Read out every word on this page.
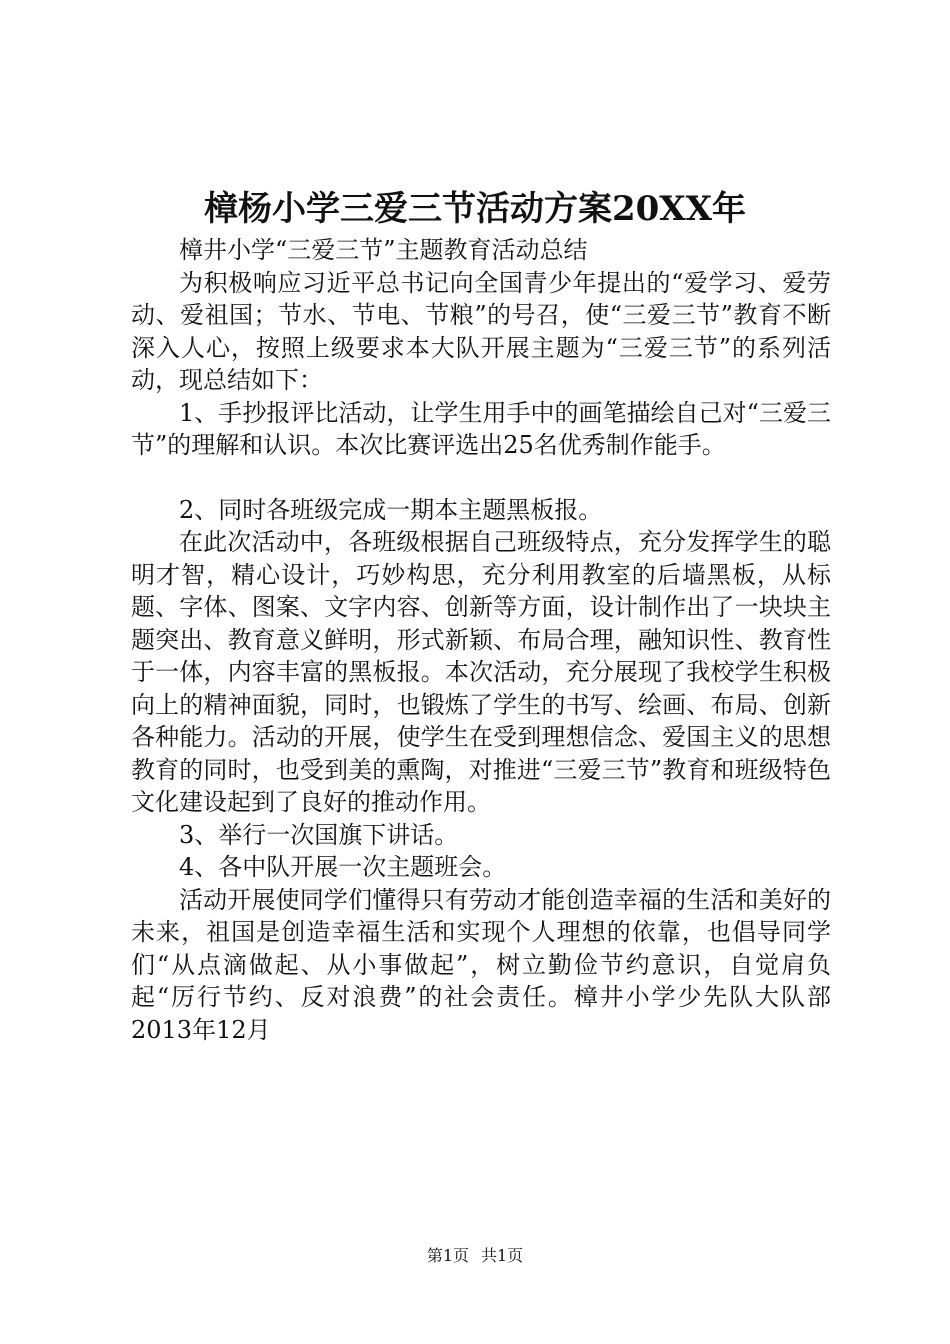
樟杨小学三爱三节活动方案20XX年

樟井小学“三爱三节”主题教育活动总结

为积极响应习近平总书记向全国青少年提出的“爱学习、爱劳动、爱祖国；节水、节电、节粮”的号召，使“三爱三节”教育不断深入人心，按照上级要求本大队开展主题为“三爱三节”的系列活动，现总结如下：

1、手抄报评比活动，让学生用手中的画笔描绘自己对“三爱三节”的理解和认识。本次比赛评选出25名优秀制作能手。

2、同时各班级完成一期本主题黑板报。

在此次活动中，各班级根据自己班级特点，充分发挥学生的聪明才智，精心设计，巧妙构思，充分利用教室的后墙黑板，从标题、字体、图案、文字内容、创新等方面，设计制作出了一块块主题突出、教育意义鲜明，形式新颖、布局合理，融知识性、教育性于一体，内容丰富的黑板报。本次活动，充分展现了我校学生积极向上的精神面貌，同时，也锻炼了学生的书写、绘画、布局、创新各种能力。活动的开展，使学生在受到理想信念、爱国主义的思想教育的同时，也受到美的熏陶，对推进“三爱三节”教育和班级特色文化建设起到了良好的推动作用。

3、举行一次国旗下讲话。

4、各中队开展一次主题班会。

活动开展使同学们懂得只有劳动才能创造幸福的生活和美好的未来，祖国是创造幸福生活和实现个人理想的依靠，也倡导同学们“从点滴做起、从小事做起”，树立勤俭节约意识，自觉肩负起“厉行节约、反对浪费”的社会责任。樟井小学少先队大队部2013年12月

第1页 共1页
